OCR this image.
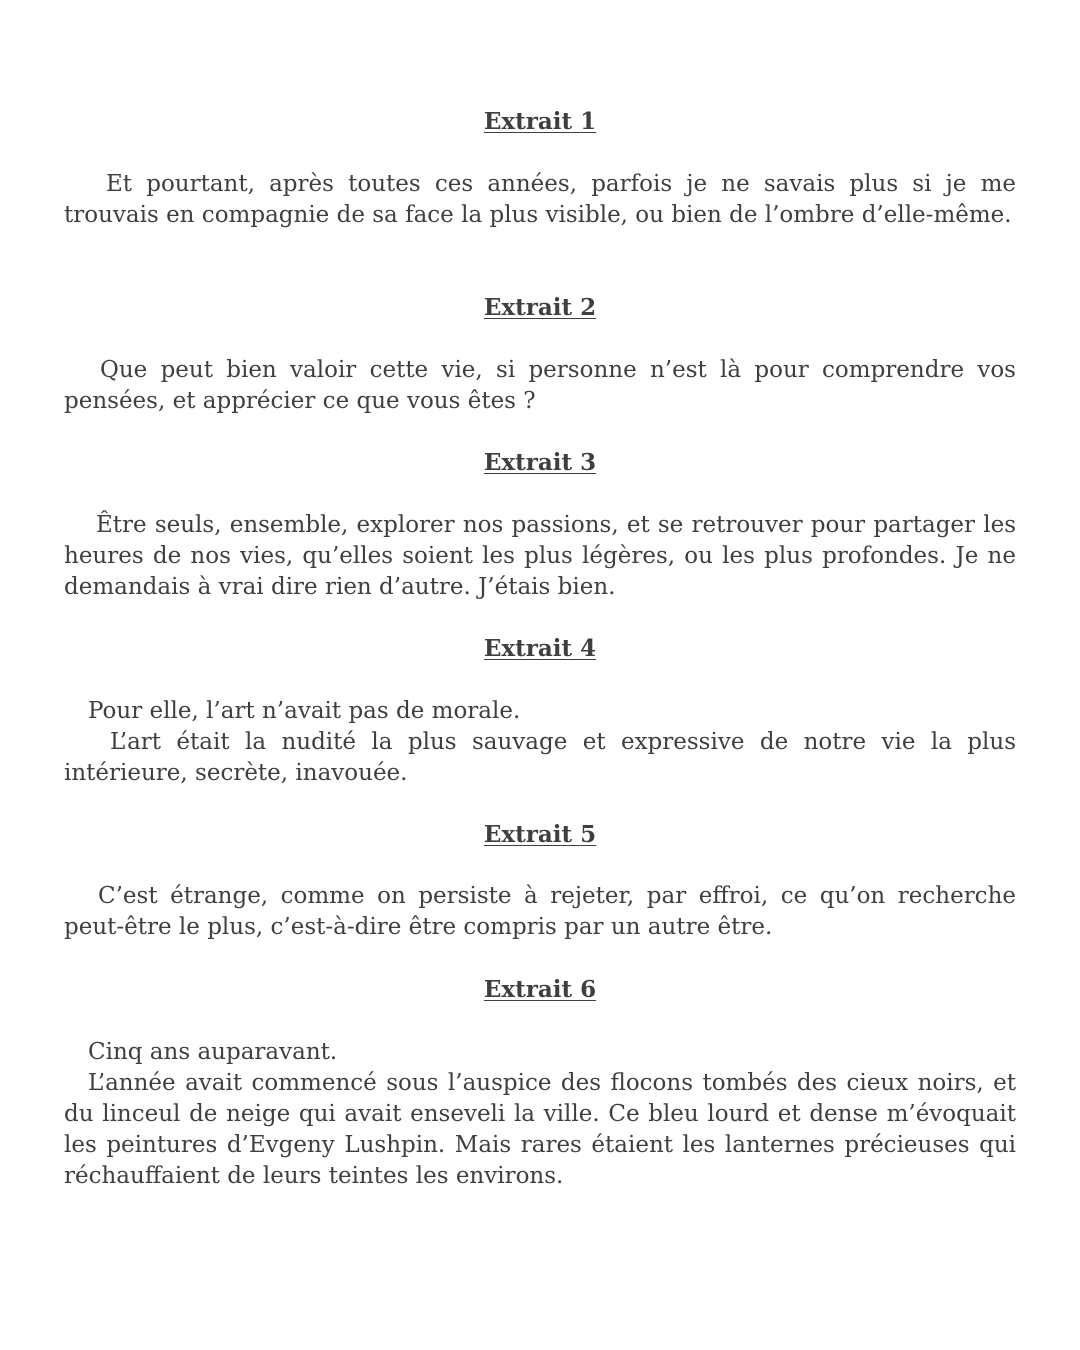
Extrait 1

Et pourtant, après toutes ces années, parfois je ne savais plus si je me trouvais en compagnie de sa face la plus visible, ou bien de l’ombre d’elle-même.

Extrait 2

Que peut bien valoir cette vie, si personne n’est là pour comprendre vos pensées, et apprécier ce que vous êtes ?

Extrait 3

Être seuls, ensemble, explorer nos passions, et se retrouver pour partager les heures de nos vies, qu’elles soient les plus légères, ou les plus profondes. Je ne demandais à vrai dire rien d’autre. J’étais bien.

Extrait 4

Pour elle, l’art n’avait pas de morale.

L’art était la nudité la plus sauvage et expressive de notre vie la plus intérieure, secrète, inavouée.

Extrait 5

C’est étrange, comme on persiste à rejeter, par effroi, ce qu’on recherche peut-être le plus, c’est-à-dire être compris par un autre être.

Extrait 6

Cinq ans auparavant.

L’année avait commencé sous l’auspice des flocons tombés des cieux noirs, et du linceul de neige qui avait enseveli la ville. Ce bleu lourd et dense m’évoquait les peintures d’Evgeny Lushpin. Mais rares étaient les lanternes précieuses qui réchauffaient de leurs teintes les environs.
